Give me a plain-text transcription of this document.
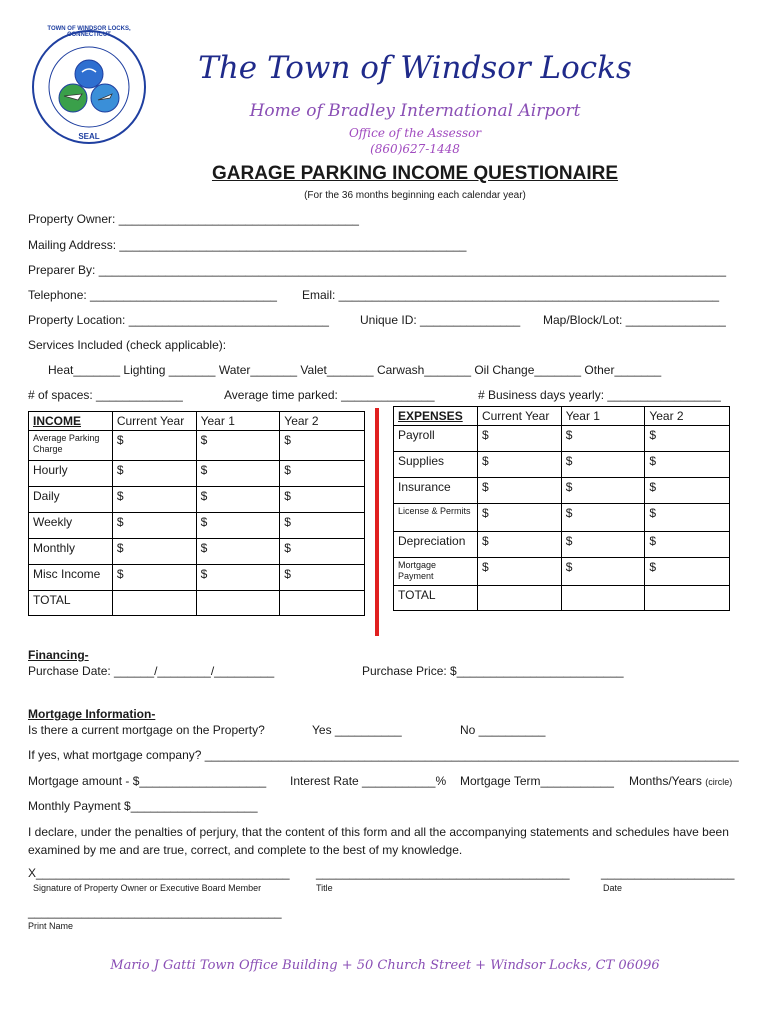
TOWN OF WINDSOR LOCKS, CONNECTICUT
SEAL
The Town of Windsor Locks
Home of Bradley International Airport
Office of the Assessor
(860)627-1448
GARAGE PARKING INCOME QUESTIONAIRE
(For the 36 months beginning each calendar year)
Property Owner: ____________________________________
Mailing Address: ____________________________________________________
Preparer By: ______________________________________________________________________________________________
Telephone: ____________________________ Email: _________________________________________________________
Property Location: ______________________________	Unique ID: _______________ Map/Block/Lot: _______________
Services Included (check applicable):
Heat_______ Lighting _______ Water_______ Valet_______ Carwash_______ Oil Change_______ Other_______
# of spaces: _____________	Average time parked: ______________	# Business days yearly: _________________
INCOME	Current Year	Year 1	Year 2
Average Parking Charge	$	$	$
Hourly	$	$	$
Daily	$	$	$
Weekly	$	$	$
Monthly	$	$	$
Misc Income	$	$	$
TOTAL			
EXPENSES	Current Year	Year 1	Year 2
Payroll	$	$	$
Supplies	$	$	$
Insurance	$	$	$
License & Permits	$	$	$
Depreciation	$	$	$
Mortgage Payment	$	$	$
TOTAL			
Financing-
Purchase Date: ______/________/_________	Purchase Price: $_________________________
Mortgage Information-
Is there a current mortgage on the Property?	Yes __________	No __________
If yes, what mortgage company? ________________________________________________________________________________
Mortgage amount - $___________________ Interest Rate ___________% Mortgage Term___________ Months/Years (circle)
Monthly Payment $___________________
I declare, under the penalties of perjury, that the content of this form and all the accompanying statements and schedules have been examined by me and are true, correct, and complete to the best of my knowledge.
X______________________________________
Signature of Property Owner or Executive Board Member
______________________________________
Title
____________________
Date
______________________________________
Print Name
Mario J Gatti Town Office Building + 50 Church Street + Windsor Locks, CT 06096
